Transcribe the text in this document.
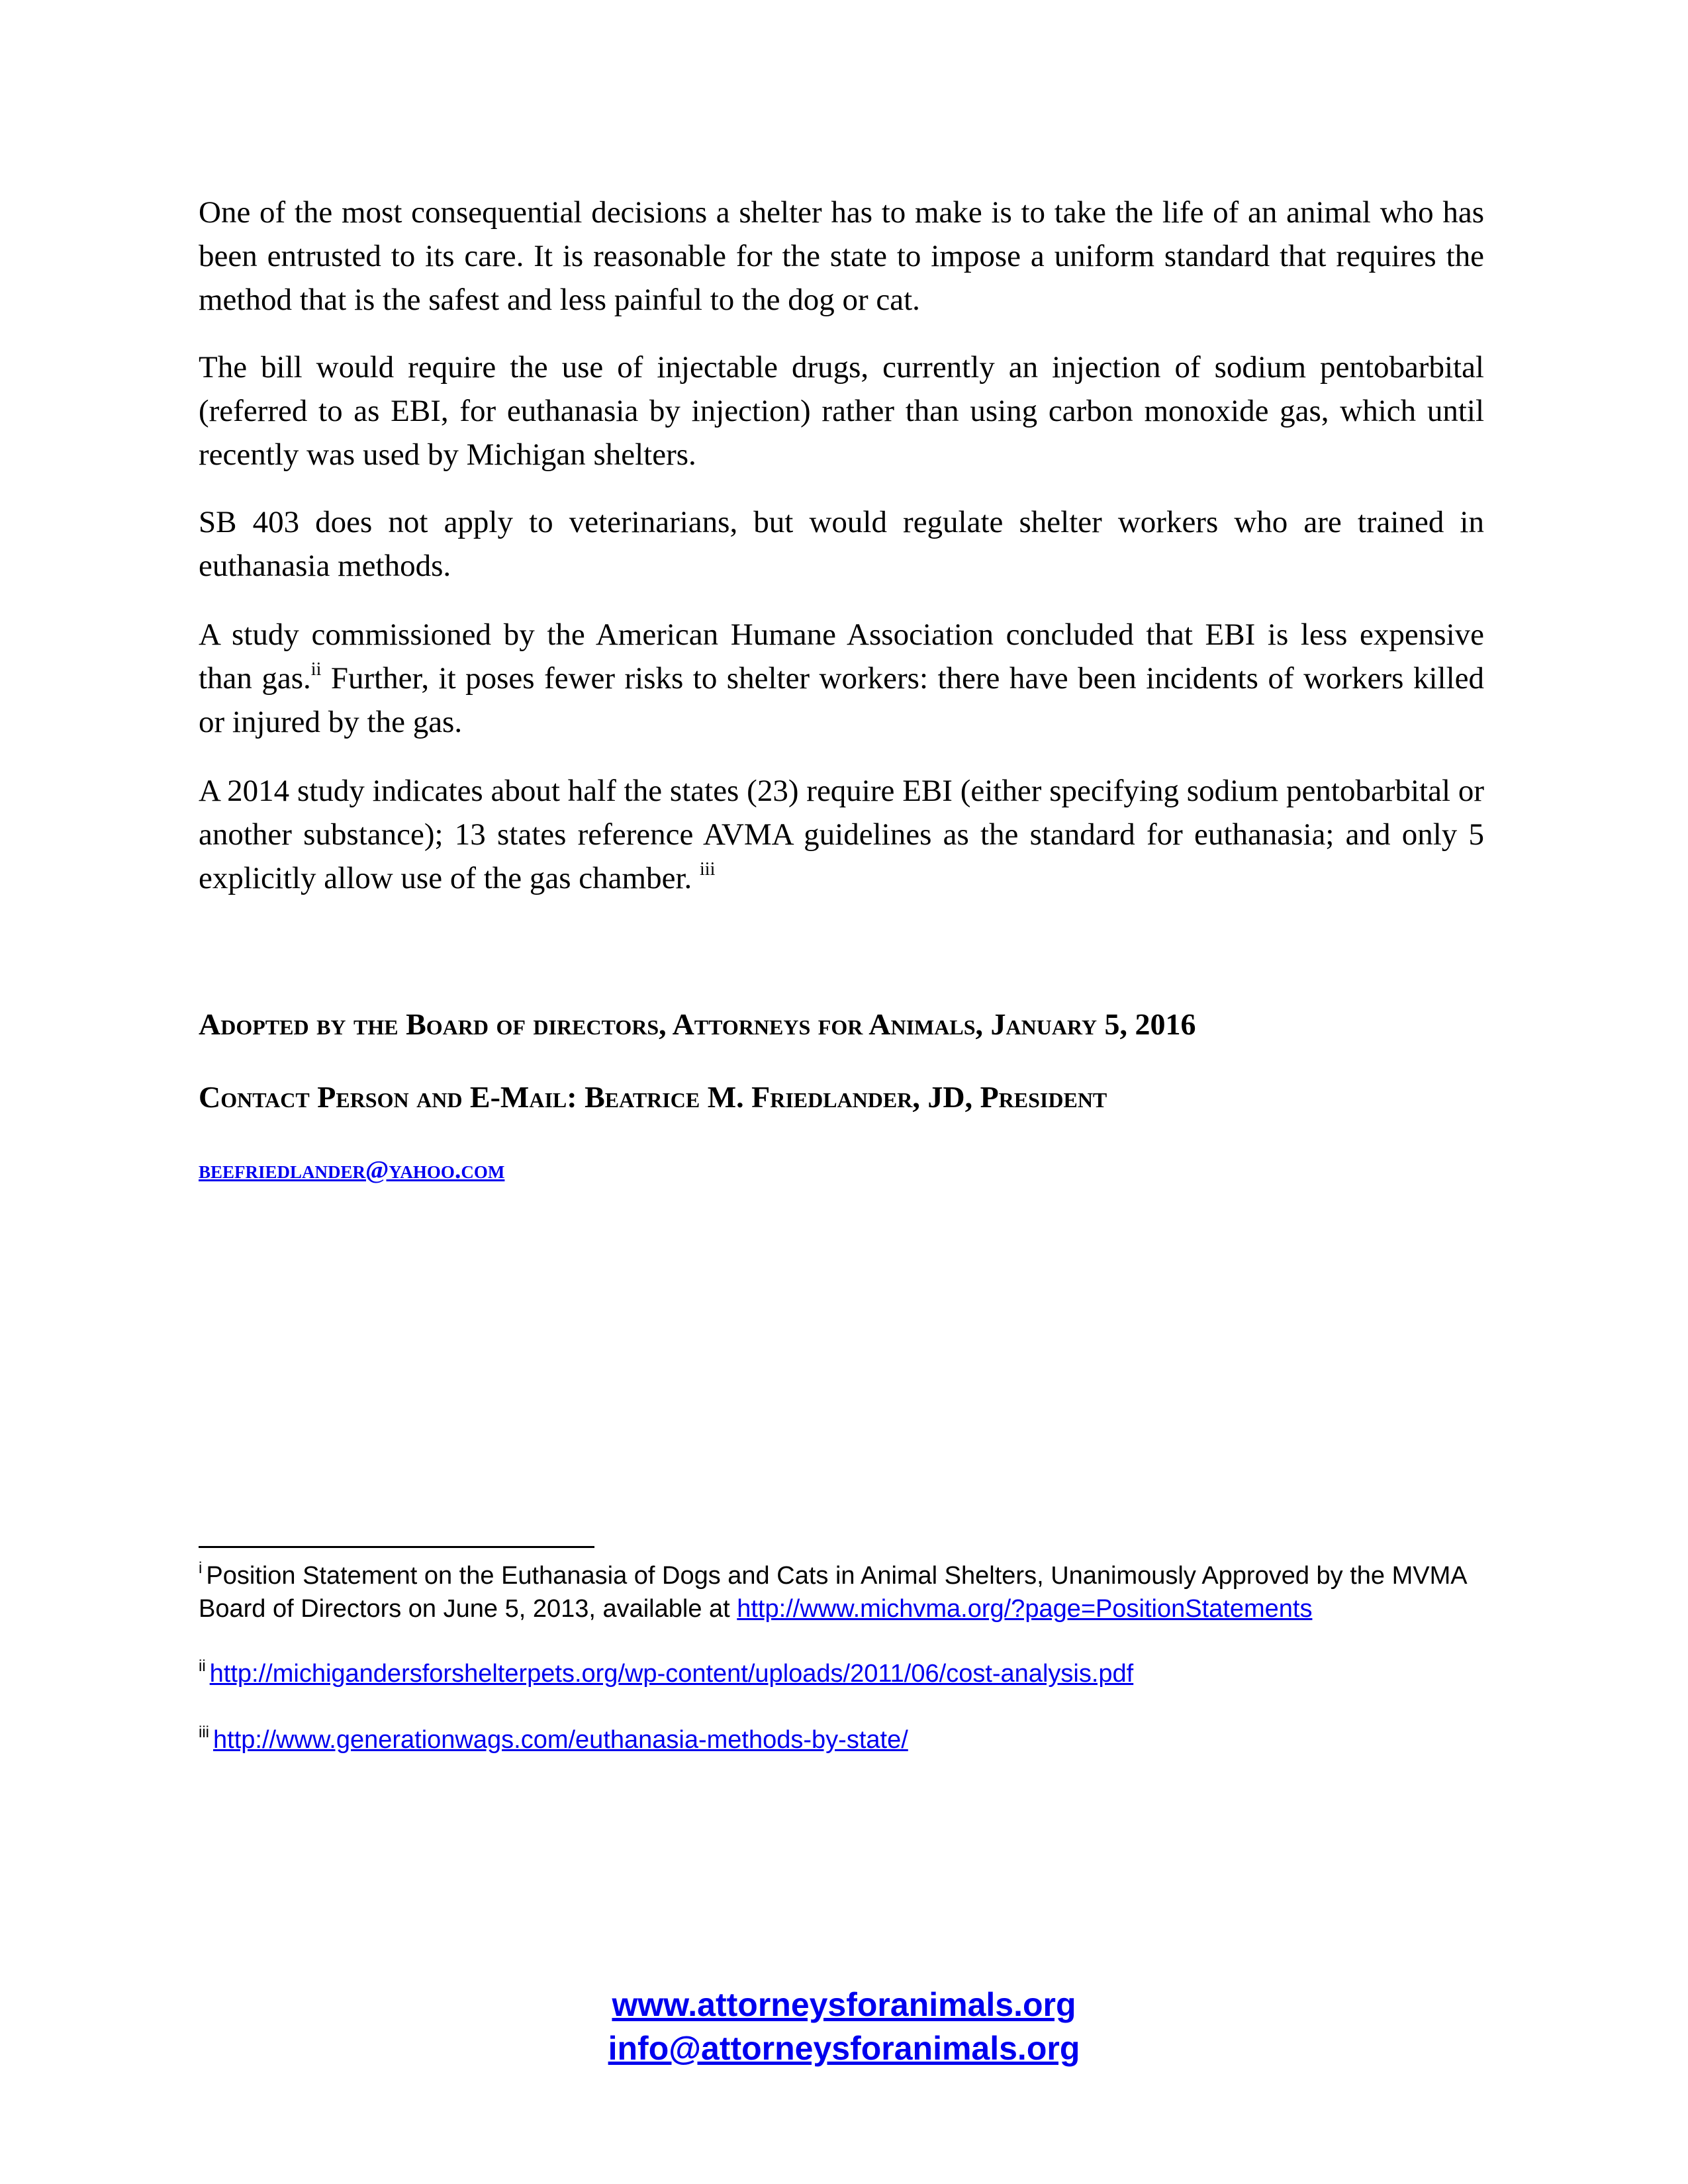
One of the most consequential decisions a shelter has to make is to take the life of an animal who has been entrusted to its care. It is reasonable for the state to impose a uniform standard that requires the method that is the safest and less painful to the dog or cat.

The bill would require the use of injectable drugs, currently an injection of sodium pentobarbital (referred to as EBI, for euthanasia by injection) rather than using carbon monoxide gas, which until recently was used by Michigan shelters.

SB 403 does not apply to veterinarians, but would regulate shelter workers who are trained in euthanasia methods.

A study commissioned by the American Humane Association concluded that EBI is less expensive than gas.$^{ii}$ Further, it poses fewer risks to shelter workers: there have been incidents of workers killed or injured by the gas.

A 2014 study indicates about half the states (23) require EBI (either specifying sodium pentobarbital or another substance); 13 states reference AVMA guidelines as the standard for euthanasia; and only 5 explicitly allow use of the gas chamber. $^{iii}$

Adopted by the Board of directors, Attorneys for Animals, January 5, 2016

Contact Person and E-Mail: Beatrice M. Friedlander, JD, President

beefriedlander@yahoo.com

$^i$ Position Statement on the Euthanasia of Dogs and Cats in Animal Shelters, Unanimously Approved by the MVMA Board of Directors on June 5, 2013, available at http://www.michvma.org/?page=PositionStatements

$^{ii}$ http://michigandersforshelterpets.org/wp-content/uploads/2011/06/cost-analysis.pdf

$^{iii}$ http://www.generationwags.com/euthanasia-methods-by-state/

www.attorneysforanimals.org

info@attorneysforanimals.org
